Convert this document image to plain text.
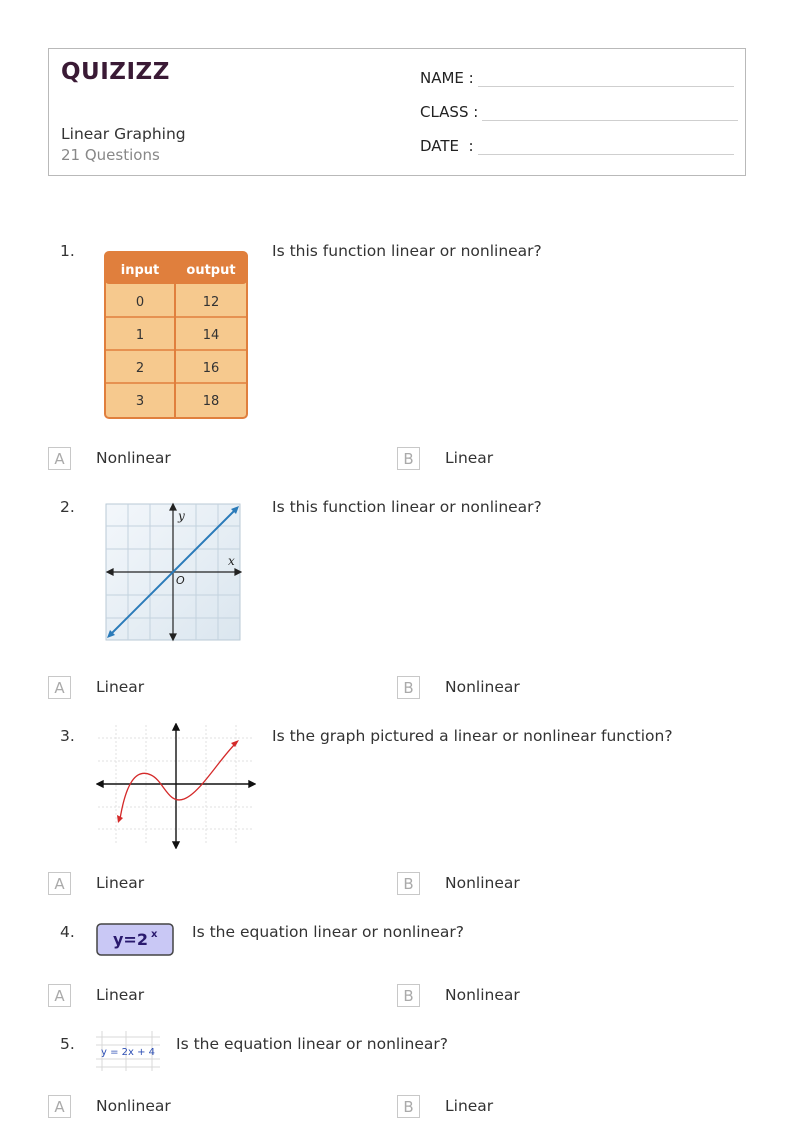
QUIZIZZ
Linear Graphing
21 Questions
NAME :
CLASS :
DATE  :
1.
input output
0	12
1	14
2	16
3	18
Is this function linear or nonlinear?
A	Nonlinear	B	Linear
2.	y
x
O
Is this function linear or nonlinear?
A	Linear	B	Nonlinear
3.	Is the graph pictured a linear or nonlinear function?
A	Linear	B	Nonlinear
4. y=2 x Is the equation linear or nonlinear?
A	Linear	B	Nonlinear
5.	y = 2x + 4 Is the equation linear or nonlinear?
A	Nonlinear	B	Linear
